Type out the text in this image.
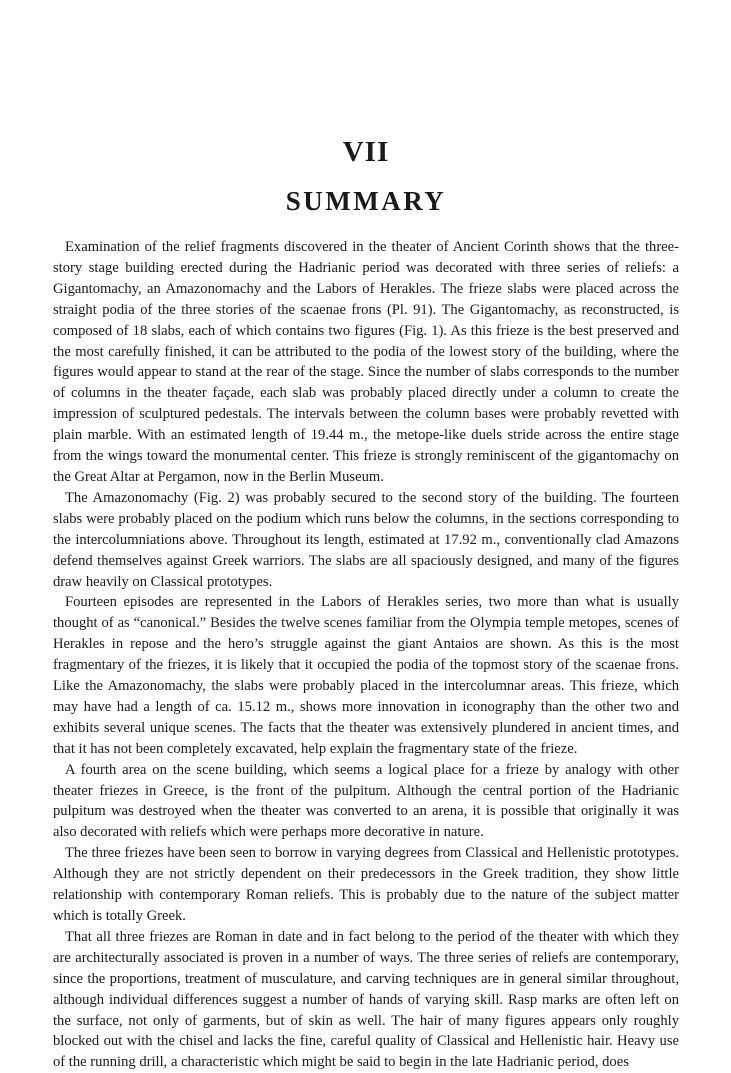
VII
SUMMARY

Examination of the relief fragments discovered in the theater of Ancient Corinth shows that the three-story stage building erected during the Hadrianic period was decorated with three series of reliefs: a Gigantomachy, an Amazonomachy and the Labors of Herakles. The frieze slabs were placed across the straight podia of the three stories of the scaenae frons (Pl. 91). The Gigantomachy, as reconstructed, is composed of 18 slabs, each of which contains two figures (Fig. 1). As this frieze is the best preserved and the most carefully finished, it can be attributed to the podia of the lowest story of the building, where the figures would appear to stand at the rear of the stage. Since the number of slabs corresponds to the number of columns in the theater façade, each slab was probably placed directly under a column to create the impression of sculptured pedestals. The intervals between the column bases were probably revetted with plain marble. With an estimated length of 19.44 m., the metope-like duels stride across the entire stage from the wings toward the monumental center. This frieze is strongly reminiscent of the gigantomachy on the Great Altar at Pergamon, now in the Berlin Museum.

The Amazonomachy (Fig. 2) was probably secured to the second story of the building. The fourteen slabs were probably placed on the podium which runs below the columns, in the sections corresponding to the intercolumniations above. Throughout its length, estimated at 17.92 m., conventionally clad Amazons defend themselves against Greek warriors. The slabs are all spaciously designed, and many of the figures draw heavily on Classical prototypes.

Fourteen episodes are represented in the Labors of Herakles series, two more than what is usually thought of as “canonical.” Besides the twelve scenes familiar from the Olympia temple metopes, scenes of Herakles in repose and the hero’s struggle against the giant Antaios are shown. As this is the most fragmentary of the friezes, it is likely that it occupied the podia of the topmost story of the scaenae frons. Like the Amazonomachy, the slabs were probably placed in the intercolumnar areas. This frieze, which may have had a length of ca. 15.12 m., shows more innovation in iconography than the other two and exhibits several unique scenes. The facts that the theater was extensively plundered in ancient times, and that it has not been completely excavated, help explain the fragmentary state of the frieze.

A fourth area on the scene building, which seems a logical place for a frieze by analogy with other theater friezes in Greece, is the front of the pulpitum. Although the central portion of the Hadrianic pulpitum was destroyed when the theater was converted to an arena, it is possible that originally it was also decorated with reliefs which were perhaps more decorative in nature.

The three friezes have been seen to borrow in varying degrees from Classical and Hellenistic prototypes. Although they are not strictly dependent on their predecessors in the Greek tradition, they show little relationship with contemporary Roman reliefs. This is probably due to the nature of the subject matter which is totally Greek.

That all three friezes are Roman in date and in fact belong to the period of the theater with which they are architecturally associated is proven in a number of ways. The three series of reliefs are contemporary, since the proportions, treatment of musculature, and carving techniques are in general similar throughout, although individual differences suggest a number of hands of varying skill. Rasp marks are often left on the surface, not only of garments, but of skin as well. The hair of many figures appears only roughly blocked out with the chisel and lacks the fine, careful quality of Classical and Hellenistic hair. Heavy use of the running drill, a characteristic which might be said to begin in the late Hadrianic period, does
